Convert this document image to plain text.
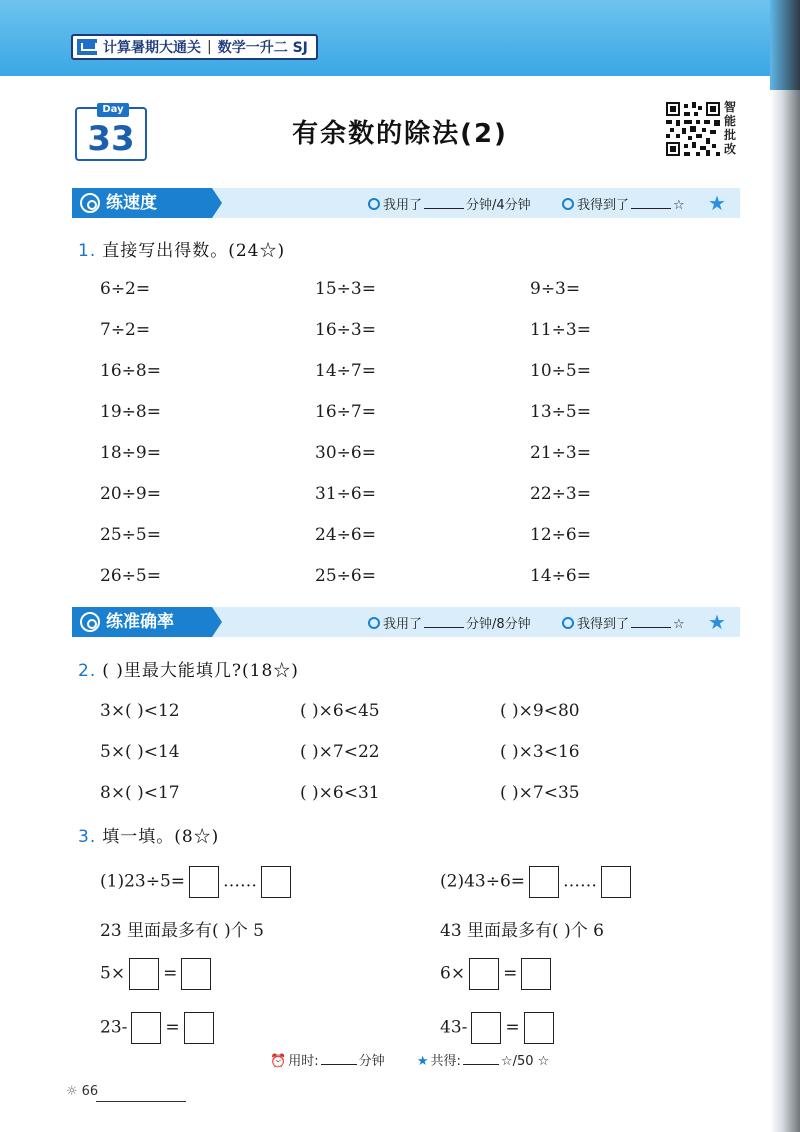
计算暑期大通关 | 数学一升二 SJ
Day
33	有余数的除法(2)
智
能
批
改
练速度	我用了	分钟/4分钟	我得到了	☆ ★
1. 直接写出得数。(24☆)
6÷2=	15÷3=	9÷3=
7÷2=	16÷3=	11÷3=
16÷8=	14÷7=	10÷5=
19÷8=	16÷7=	13÷5=
18÷9=	30÷6=	21÷3=
20÷9=	31÷6=	22÷3=
25÷5=	24÷6=	12÷6=
26÷5=	25÷6=	14÷6=
练准确率	我用了	分钟/8分钟	我得到了	☆ ★
2. ( )里最大能填几?(18☆)
3×( )<12	( )×6<45	( )×9<80
5×( )<14	( )×7<22	( )×3<16
8×( )<17	( )×6<31	( )×7<35
3. 填一填。(8☆)
(1)23÷5= ……
23 里面最多有( )个 5
5× =
23- =
(2)43÷6= ……
43 里面最多有( )个 6
6× =
43- =
⏰ 用时:	分钟 ★ 共得:	☆/50 ☆
☼ 66
